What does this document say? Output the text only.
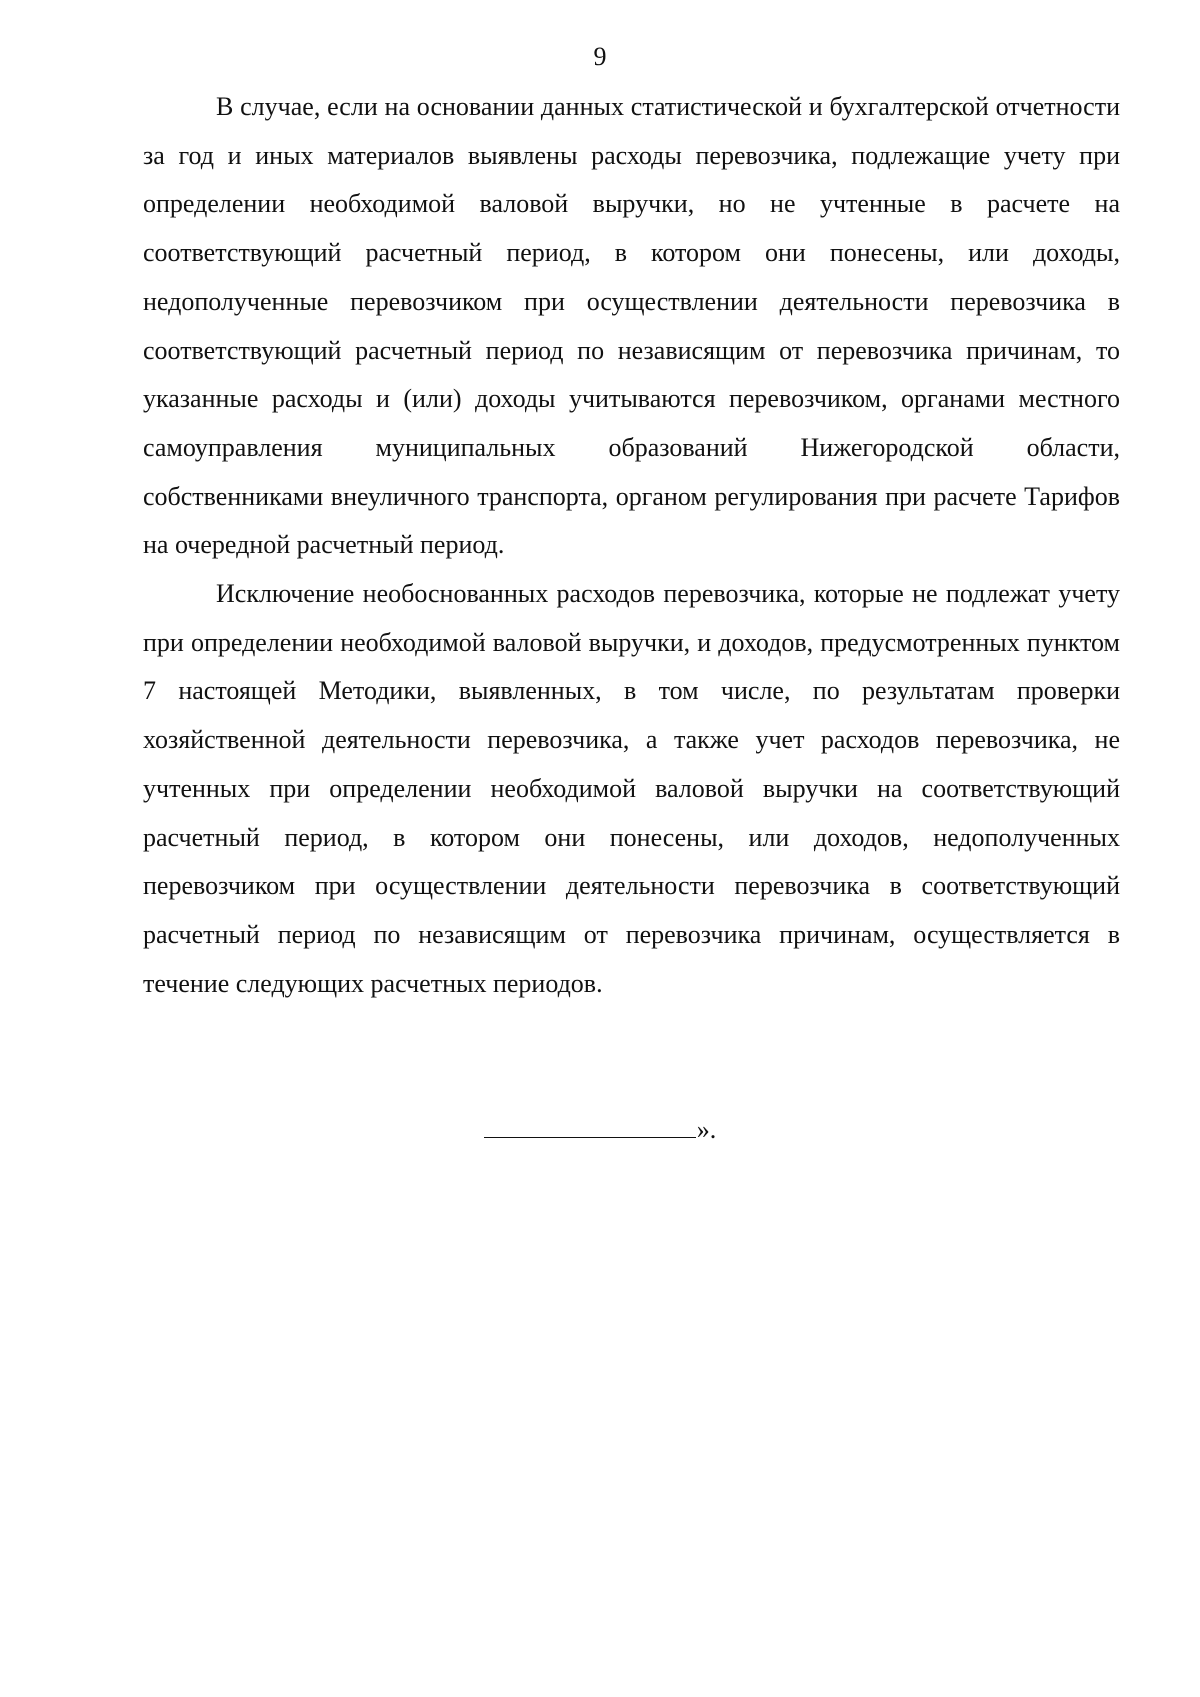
9

В случае, если на основании данных статистической и бухгалтерской отчетности за год и иных материалов выявлены расходы перевозчика, подлежащие учету при определении необходимой валовой выручки, но не учтенные в расчете на соответствующий расчетный период, в котором они понесены, или доходы, недополученные перевозчиком при осуществлении деятельности перевозчика в соответствующий расчетный период по независящим от перевозчика причинам, то указанные расходы и (или) доходы учитываются перевозчиком, органами местного самоуправления муниципальных образований Нижегородской области, собственниками внеуличного транспорта, органом регулирования при расчете Тарифов на очередной расчетный период.

Исключение необоснованных расходов перевозчика, которые не подлежат учету при определении необходимой валовой выручки, и доходов, предусмотренных пунктом 7 настоящей Методики, выявленных, в том числе, по результатам проверки хозяйственной деятельности перевозчика, а также учет расходов перевозчика, не учтенных при определении необходимой валовой выручки на соответствующий расчетный период, в котором они понесены, или доходов, недополученных перевозчиком при осуществлении деятельности перевозчика в соответствующий расчетный период по независящим от перевозчика причинам, осуществляется в течение следующих расчетных периодов.

».
